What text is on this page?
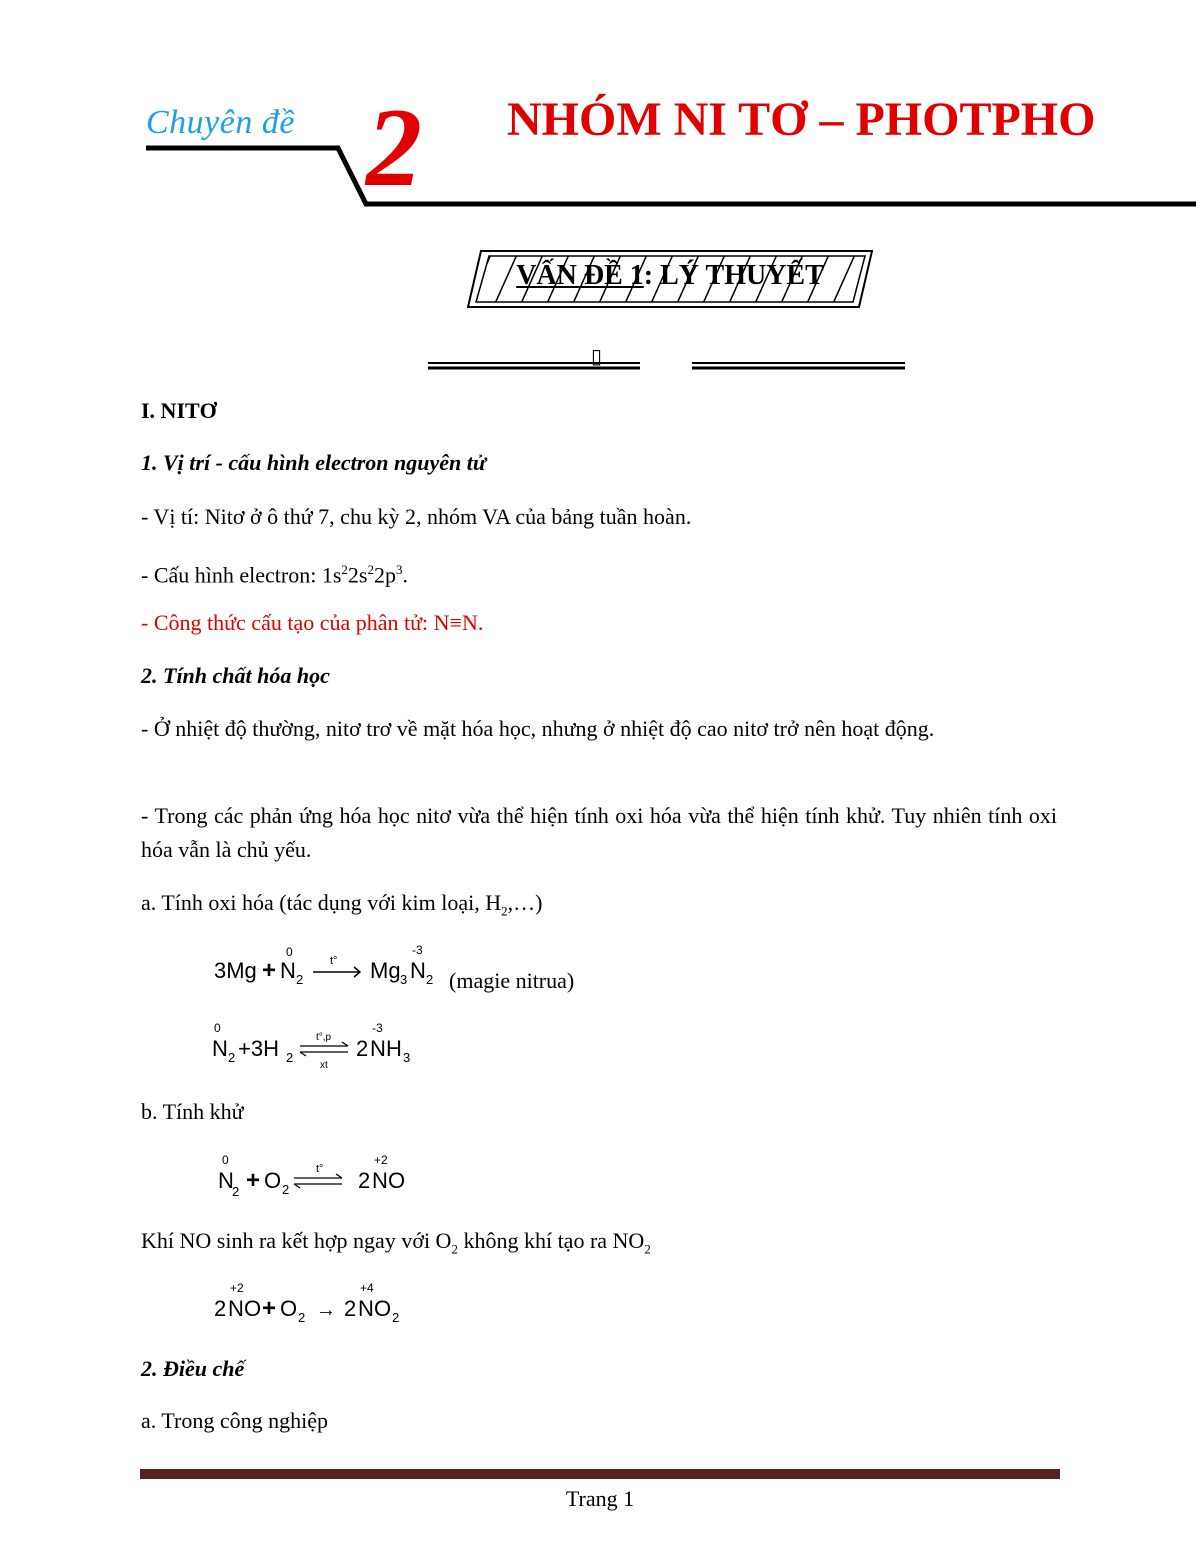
Chuyên đề 2 NHÓM NI TƠ – PHOTPHO
VẤN ĐỀ 1: LÝ THUYẾT
▯
I. NITƠ
1. Vị trí - cấu hình electron nguyên tử
- Vị tí: Nitơ ở ô thứ 7, chu kỳ 2, nhóm VA của bảng tuần hoàn.
- Cấu hình electron: $1s^22s^22p^3$.
- Công thức cấu tạo của phân tử: N≡N.
2. Tính chất hóa học
- Ở nhiệt độ thường, nitơ trơ về mặt hóa học, nhưng ở nhiệt độ cao nitơ trở nên hoạt động.
- Trong các phản ứng hóa học nitơ vừa thể hiện tính oxi hóa vừa thể hiện tính khử. Tuy nhiên tính oxi hóa vẫn là chủ yếu.
a. Tính oxi hóa (tác dụng với kim loại, $H_2,\dots$)
3Mg + N 2
0
t° Mg 3 N 2
-3
(magie nitrua)
0
N 2 +3H 2
t°,p
xt
2 N H 3
-3
b. Tính khử
0
N
2 + O 2
t° 2 N O
+2
Khí NO sinh ra kết hợp ngay với $O_2$ không khí tạo ra $NO_2$
2 N O
+2
+ O 2 → 2 N O 2
+4
2. Điều chế
a. Trong công nghiệp
Trang 1
